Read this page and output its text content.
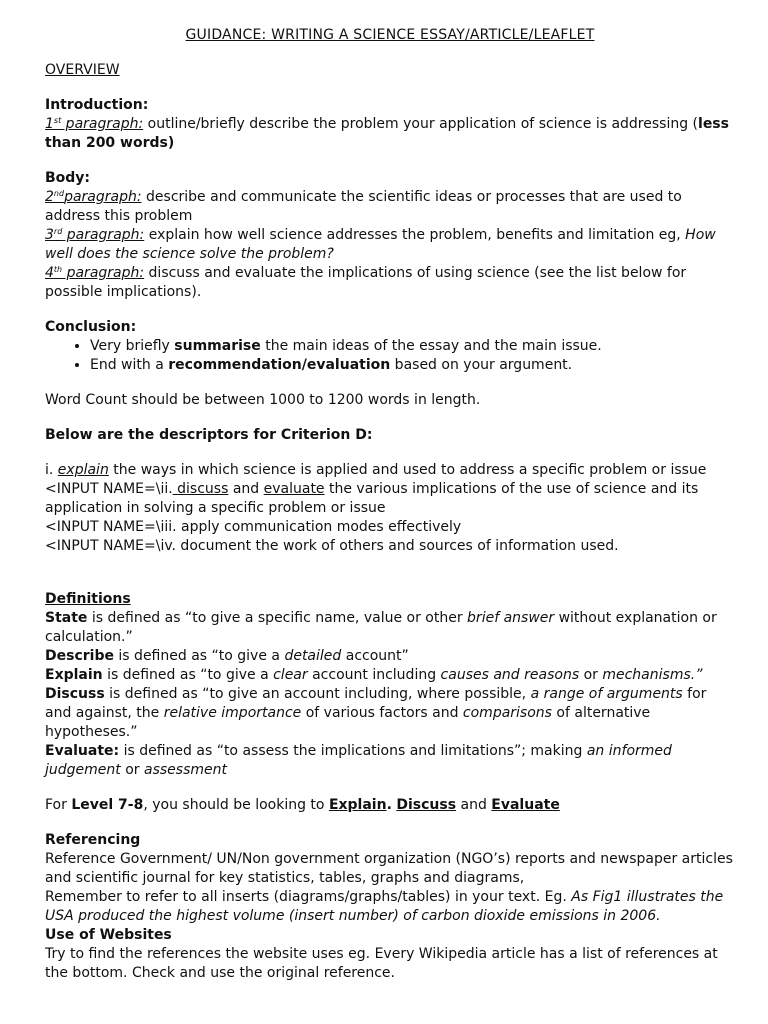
GUIDANCE: WRITING A SCIENCE ESSAY/ARTICLE/LEAFLET

OVERVIEW

Introduction:

1st paragraph: outline/briefly describe the problem your application of science is addressing (less than 200 words)

Body:

2ndparagraph: describe and communicate the scientific ideas or processes that are used to address this problem

3rd paragraph: explain how well science addresses the problem, benefits and limitation eg, How well does the science solve the problem?

4th paragraph: discuss and evaluate the implications of using science (see the list below for possible implications).

Conclusion:

• Very briefly summarise the main ideas of the essay and the main issue.
• End with a recommendation/evaluation based on your argument.

Word Count should be between 1000 to 1200 words in length.

Below are the descriptors for Criterion D:

i. explain the ways in which science is applied and used to address a specific problem or issue

<INPUT NAME=\ii. discuss and evaluate the various implications of the use of science and its application in solving a specific problem or issue

<INPUT NAME=\iii. apply communication modes effectively

<INPUT NAME=\iv. document the work of others and sources of information used.

Definitions

State is defined as “to give a specific name, value or other brief answer without explanation or calculation.”

Describe is defined as “to give a detailed account”

Explain is defined as “to give a clear account including causes and reasons or mechanisms.”

Discuss is defined as “to give an account including, where possible, a range of arguments for and against, the relative importance of various factors and comparisons of alternative hypotheses.”

Evaluate: is defined as “to assess the implications and limitations”; making an informed judgement or assessment

For Level 7-8, you should be looking to Explain. Discuss and Evaluate

Referencing

Reference Government/ UN/Non government organization (NGO’s) reports and newspaper articles and scientific journal for key statistics, tables, graphs and diagrams,

Remember to refer to all inserts (diagrams/graphs/tables) in your text. Eg. As Fig1 illustrates the USA produced the highest volume (insert number) of carbon dioxide emissions in 2006.

Use of Websites

Try to find the references the website uses eg. Every Wikipedia article has a list of references at the bottom. Check and use the original reference.
